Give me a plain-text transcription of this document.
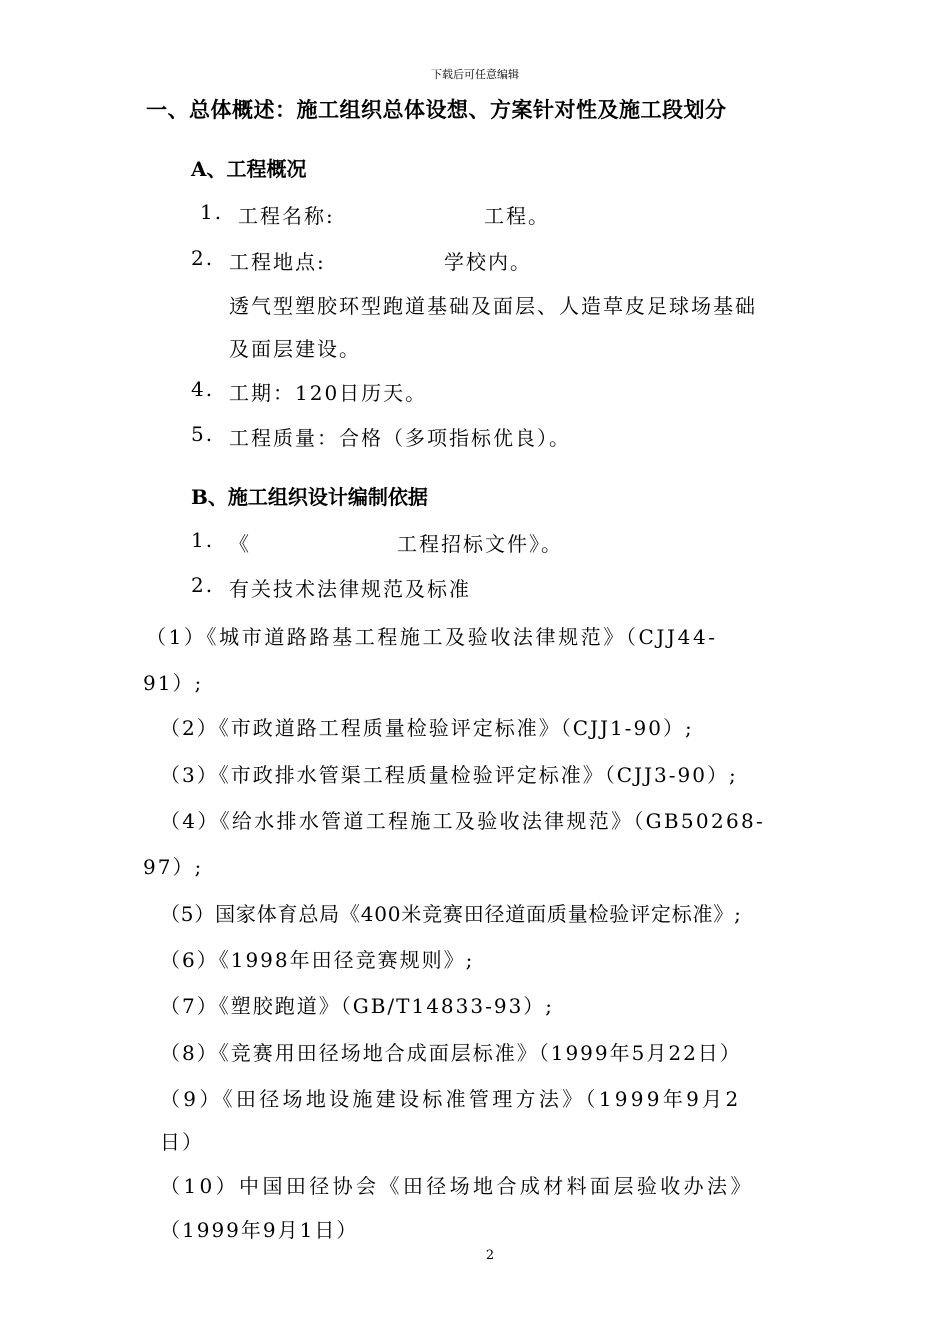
下载后可任意编辑
一、总体概述：施工组织总体设想、方案针对性及施工段划分
A、工程概况
1. 工程名称:	工程。
2. 工程地点:	学校内。
透气型塑胶环型跑道基础及面层、人造草皮足球场基础
及面层建设。
4. 工期：120日历天。
5. 工程质量：合格（多项指标优良）。
B、施工组织设计编制依据
1. 《	工程招标文件》。
2. 有关技术法律规范及标准
（1）《城市道路路基工程施工及验收法律规范》（CJJ44-
91）;
（2）《市政道路工程质量检验评定标准》（CJJ1-90）;
（3）《市政排水管渠工程质量检验评定标准》（CJJ3-90）;
（4）《给水排水管道工程施工及验收法律规范》（GB50268-
97）;
（5）国家体育总局《400米竞赛田径道面质量检验评定标准》;
（6）《1998年田径竞赛规则》;
（7）《塑胶跑道》（GB/T14833-93）;
（8）《竞赛用田径场地合成面层标准》（1999年5月22日）
（9）《田径场地设施建设标准管理方法》（1999年9月2
日）
（10）中国田径协会《田径场地合成材料面层验收办法》
（1999年9月1日）
2
